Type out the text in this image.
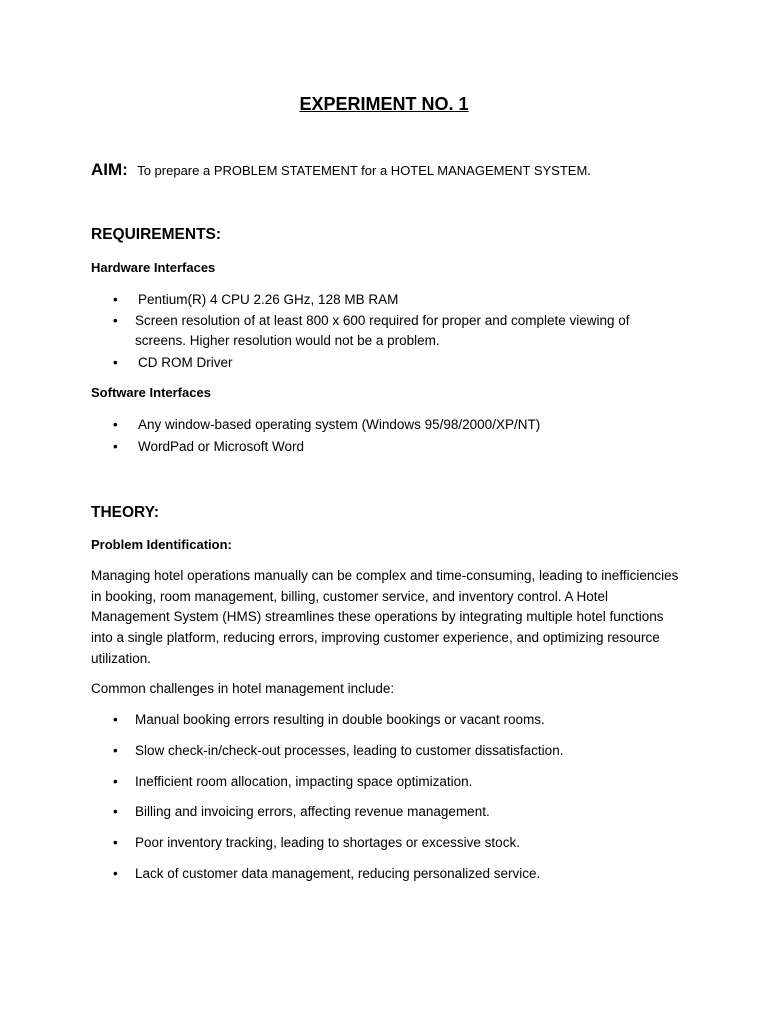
EXPERIMENT NO. 1
AIM: To prepare a PROBLEM STATEMENT for a HOTEL MANAGEMENT SYSTEM.
REQUIREMENTS:
Hardware Interfaces
• Pentium(R) 4 CPU 2.26 GHz, 128 MB RAM
• Screen resolution of at least 800 x 600 required for proper and complete viewing of
screens. Higher resolution would not be a problem.
• CD ROM Driver
Software Interfaces
• Any window-based operating system (Windows 95/98/2000/XP/NT)
• WordPad or Microsoft Word
THEORY:
Problem Identification:
Managing hotel operations manually can be complex and time-consuming, leading to inefficiencies in booking, room management, billing, customer service, and inventory control. A Hotel Management System (HMS) streamlines these operations by integrating multiple hotel functions into a single platform, reducing errors, improving customer experience, and optimizing resource utilization.
Common challenges in hotel management include:
• Manual booking errors resulting in double bookings or vacant rooms.
• Slow check-in/check-out processes, leading to customer dissatisfaction.
• Inefficient room allocation, impacting space optimization.
• Billing and invoicing errors, affecting revenue management.
• Poor inventory tracking, leading to shortages or excessive stock.
• Lack of customer data management, reducing personalized service.
